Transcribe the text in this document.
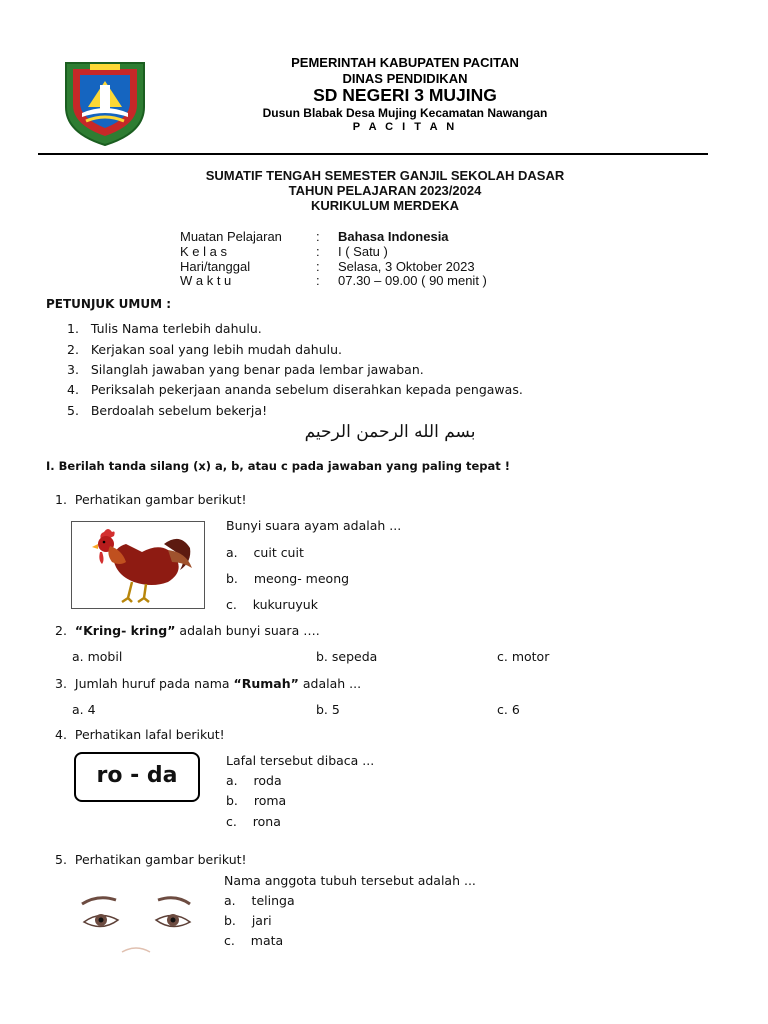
PEMERINTAH KABUPATEN PACITAN
DINAS PENDIDIKAN
SD NEGERI 3 MUJING
Dusun Blabak Desa Mujing Kecamatan Nawangan
P A C I T A N
SUMATIF TENGAH SEMESTER GANJIL SEKOLAH DASAR
TAHUN PELAJARAN 2023/2024
KURIKULUM MERDEKA
Muatan Pelajaran	: Bahasa Indonesia
K e l a s	: I ( Satu )
Hari/tanggal	: Selasa, 3 Oktober 2023
W a k t u	: 07.30 – 09.00 ( 90 menit )
PETUNJUK UMUM :
1.   Tulis Nama terlebih dahulu.
2.   Kerjakan soal yang lebih mudah dahulu.
3.   Silanglah jawaban yang benar pada lembar jawaban.
4.   Periksalah pekerjaan ananda sebelum diserahkan kepada pengawas.
5.   Berdoalah sebelum bekerja!
بسم الله الرحمن الرحيم
I. Berilah tanda silang (x) a, b, atau c pada jawaban yang paling tepat !
1. Perhatikan gambar berikut!
Bunyi suara ayam adalah ...
a. cuit cuit
b. meong- meong
c. kukuruyuk
2. “Kring- kring” adalah bunyi suara ….
a. mobil	b. sepeda	c. motor
3. Jumlah huruf pada nama “Rumah” adalah ...
a. 4	b. 5	c. 6
4. Perhatikan lafal berikut!
ro - da
Lafal tersebut dibaca ...
a. roda
b. roma
c. rona
5. Perhatikan gambar berikut!
Nama anggota tubuh tersebut adalah ...
a. telinga
b. jari
c. mata
